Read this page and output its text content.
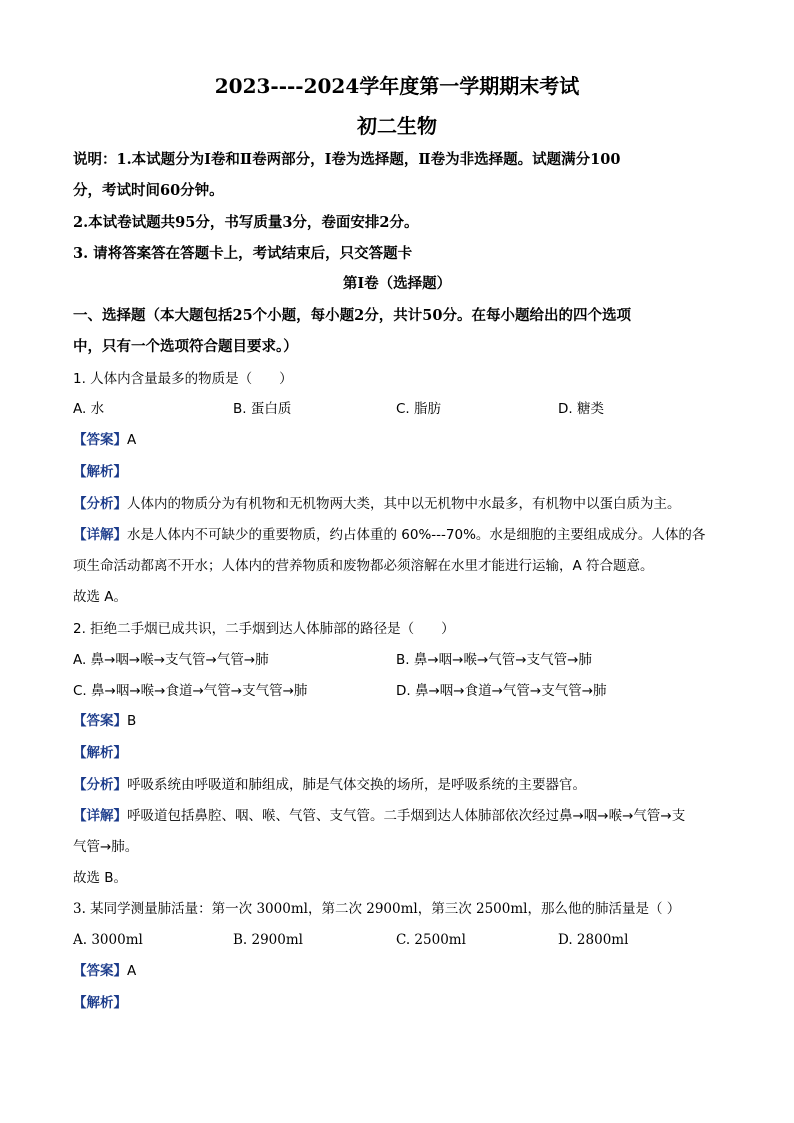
2023----2024学年度第一学期期末考试
初二生物
说明：1.本试题分为Ⅰ卷和Ⅱ卷两部分，Ⅰ卷为选择题，Ⅱ卷为非选择题。试题满分100
分，考试时间60分钟。
2.本试卷试题共95分，书写质量3分，卷面安排2分。
3. 请将答案答在答题卡上，考试结束后，只交答题卡
第Ⅰ卷（选择题）
一、选择题（本大题包括25个小题，每小题2分，共计50分。在每小题给出的四个选项
中，只有一个选项符合题目要求。）
1. 人体内含量最多的物质是（　　）
A. 水	B. 蛋白质	C. 脂肪	D. 糖类
【答案】A
【解析】
【分析】人体内的物质分为有机物和无机物两大类，其中以无机物中水最多，有机物中以蛋白质为主。
【详解】水是人体内不可缺少的重要物质，约占体重的 60%---70%。水是细胞的主要组成成分。人体的各
项生命活动都离不开水；人体内的营养物质和废物都必须溶解在水里才能进行运输，A 符合题意。
故选 A。
2. 拒绝二手烟已成共识，二手烟到达人体肺部的路径是（　　）
A. 鼻→咽→喉→支气管→气管→肺	B. 鼻→咽→喉→气管→支气管→肺
C. 鼻→咽→喉→食道→气管→支气管→肺	D. 鼻→咽→食道→气管→支气管→肺
【答案】B
【解析】
【分析】呼吸系统由呼吸道和肺组成，肺是气体交换的场所，是呼吸系统的主要器官。
【详解】呼吸道包括鼻腔、咽、喉、气管、支气管。二手烟到达人体肺部依次经过鼻→咽→喉→气管→支
气管→肺。
故选 B。
3. 某同学测量肺活量：第一次 3000ml，第二次 2900ml，第三次 2500ml，那么他的肺活量是（ ）
A. 3000ml	B. 2900ml	C. 2500ml	D. 2800ml
【答案】A
【解析】
